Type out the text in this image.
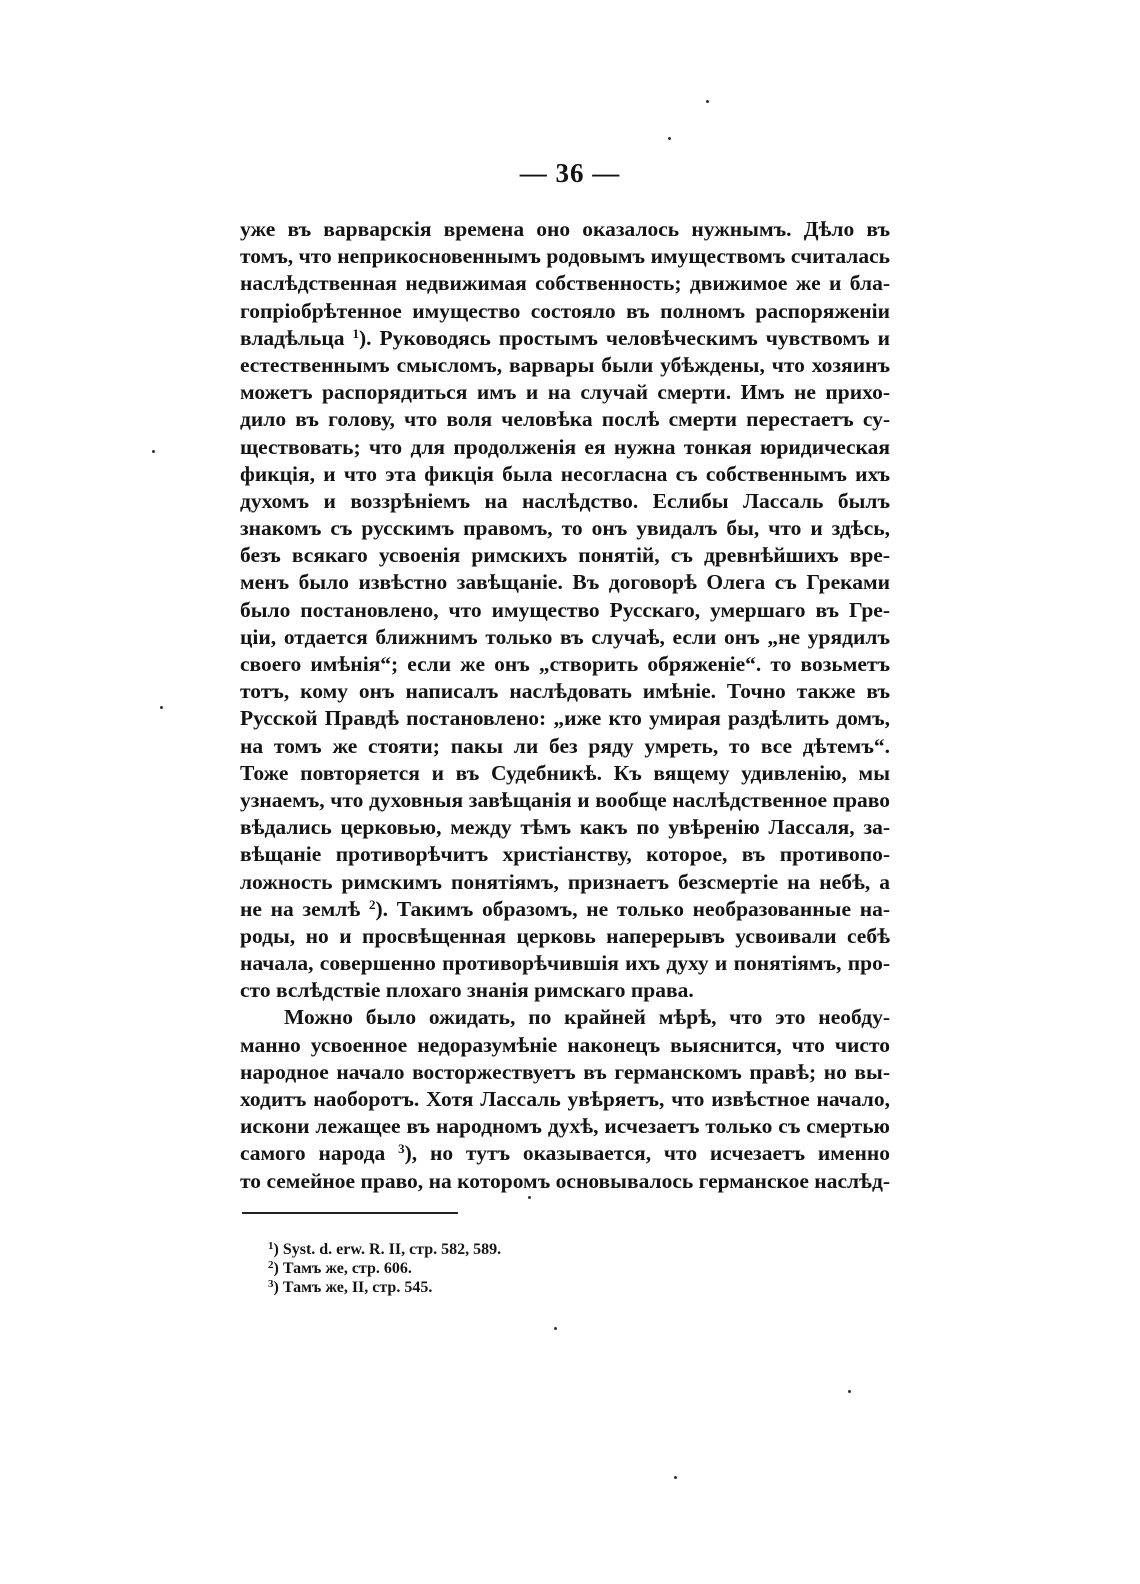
— 36 —
уже въ варварскія времена оно оказалось нужнымъ. Дѣло въ
томъ, что неприкосновеннымъ родовымъ имуществомъ считалась
наслѣдственная недвижимая собственность; движимое же и бла-
гопріобрѣтенное имущество состояло въ полномъ распоряженіи
владѣльца $^1$). Руководясь простымъ человѣческимъ чувствомъ и
естественнымъ смысломъ, варвары были убѣждены, что хозяинъ
можетъ распорядиться имъ и на случай смерти. Имъ не прихо-
дило въ голову, что воля человѣка послѣ смерти перестаетъ су-
ществовать; что для продолженія ея нужна тонкая юридическая
фикція, и что эта фикція была несогласна съ собственнымъ ихъ
духомъ и воззрѣніемъ на наслѣдство. Еслибы Лассаль былъ
знакомъ съ русскимъ правомъ, то онъ увидалъ бы, что и здѣсь,
безъ всякаго усвоенія римскихъ понятій, съ древнѣйшихъ вре-
менъ было извѣстно завѣщаніе. Въ договорѣ Олега съ Греками
было постановлено, что имущество Русскаго, умершаго въ Гре-
ціи, отдается ближнимъ только въ случаѣ, если онъ „не урядилъ
своего имѣнія“; если же онъ „створить обряженіе“. то возьметъ
тотъ, кому онъ написалъ наслѣдовать имѣніе. Точно также въ
Русской Правдѣ постановлено: „иже кто умирая раздѣлить домъ,
на томъ же стояти; пакы ли без ряду умреть, то все дѣтемъ“.
Тоже повторяется и въ Судебникѣ. Къ вящему удивленію, мы
узнаемъ, что духовныя завѣщанія и вообще наслѣдственное право
вѣдались церковью, между тѣмъ какъ по увѣренію Лассаля, за-
вѣщаніе противорѣчитъ христіанству, которое, въ противопо-
ложность римскимъ понятіямъ, признаетъ безсмертіе на небѣ, а
не на землѣ $^2$). Такимъ образомъ, не только необразованные на-
роды, но и просвѣщенная церковь наперерывъ усвоивали себѣ
начала, совершенно противорѣчившія ихъ духу и понятіямъ, про-
сто вслѣдствіе плохаго знанія римскаго права.
Можно было ожидать, по крайней мѣрѣ, что это необду-
манно усвоенное недоразумѣніе наконецъ выяснится, что чисто
народное начало восторжествуетъ въ германскомъ правѣ; но вы-
ходитъ наоборотъ. Хотя Лассаль увѣряетъ, что извѣстное начало,
искони лежащее въ народномъ духѣ, исчезаетъ только съ смертью
самого народа $^3$), но тутъ оказывается, что исчезаетъ именно
то семейное право, на которомъ основывалось германское наслѣд-
$^1$) Syst. d. erw. R. II, стр. 582, 589.
$^2$) Тамъ же, стр. 606.
$^3$) Тамъ же, II, стр. 545.
